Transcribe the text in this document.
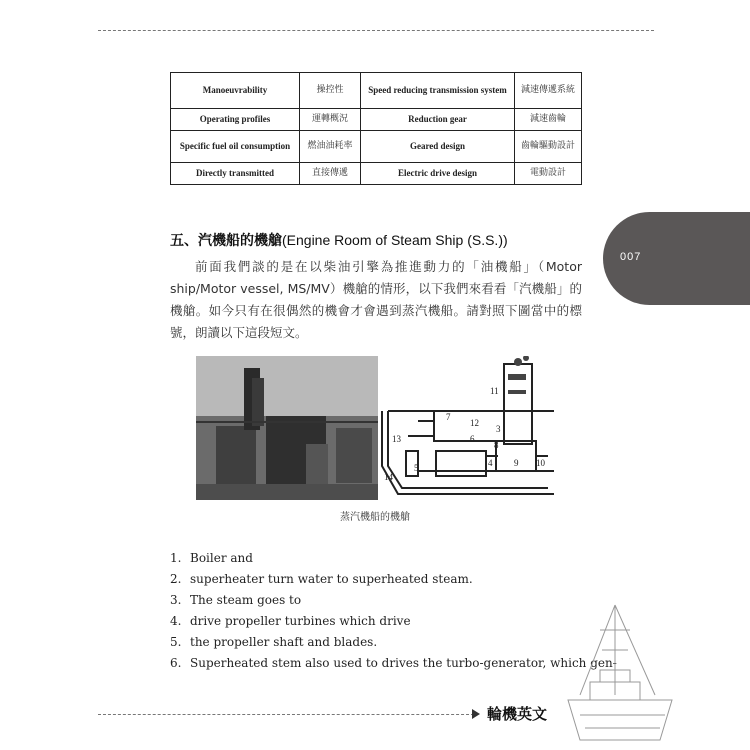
Manoeuvrability	操控性	Speed reducing transmission system	減速傳遞系統
Operating profiles	運轉概況	Reduction gear	減速齒輪
Specific fuel oil consumption	燃油油耗率	Geared design	齒輪驅動設計
Directly transmitted	直接傳遞	Electric drive design	電動設計
007
五、汽機船的機艙(Engine Room of Steam Ship (S.S.))
前面我們談的是在以柴油引擎為推進動力的「油機船」（Motor ship/Motor vessel, MS/MV）機艙的情形，以下我們來看看「汽機船」的機艙。如今只有在很偶然的機會才會遇到蒸汽機船。請對照下圖當中的標號，朗讀以下這段短文。
11
7
12
3
8
13	6
4
5	9 10
14
蒸汽機船的機艙
1. Boiler and
2. superheater turn water to superheated steam.
3. The steam goes to
4. drive propeller turbines which drive
5. the propeller shaft and blades.
6. Superheated stem also used to drives the turbo-generator, which gen-
輪機英文
